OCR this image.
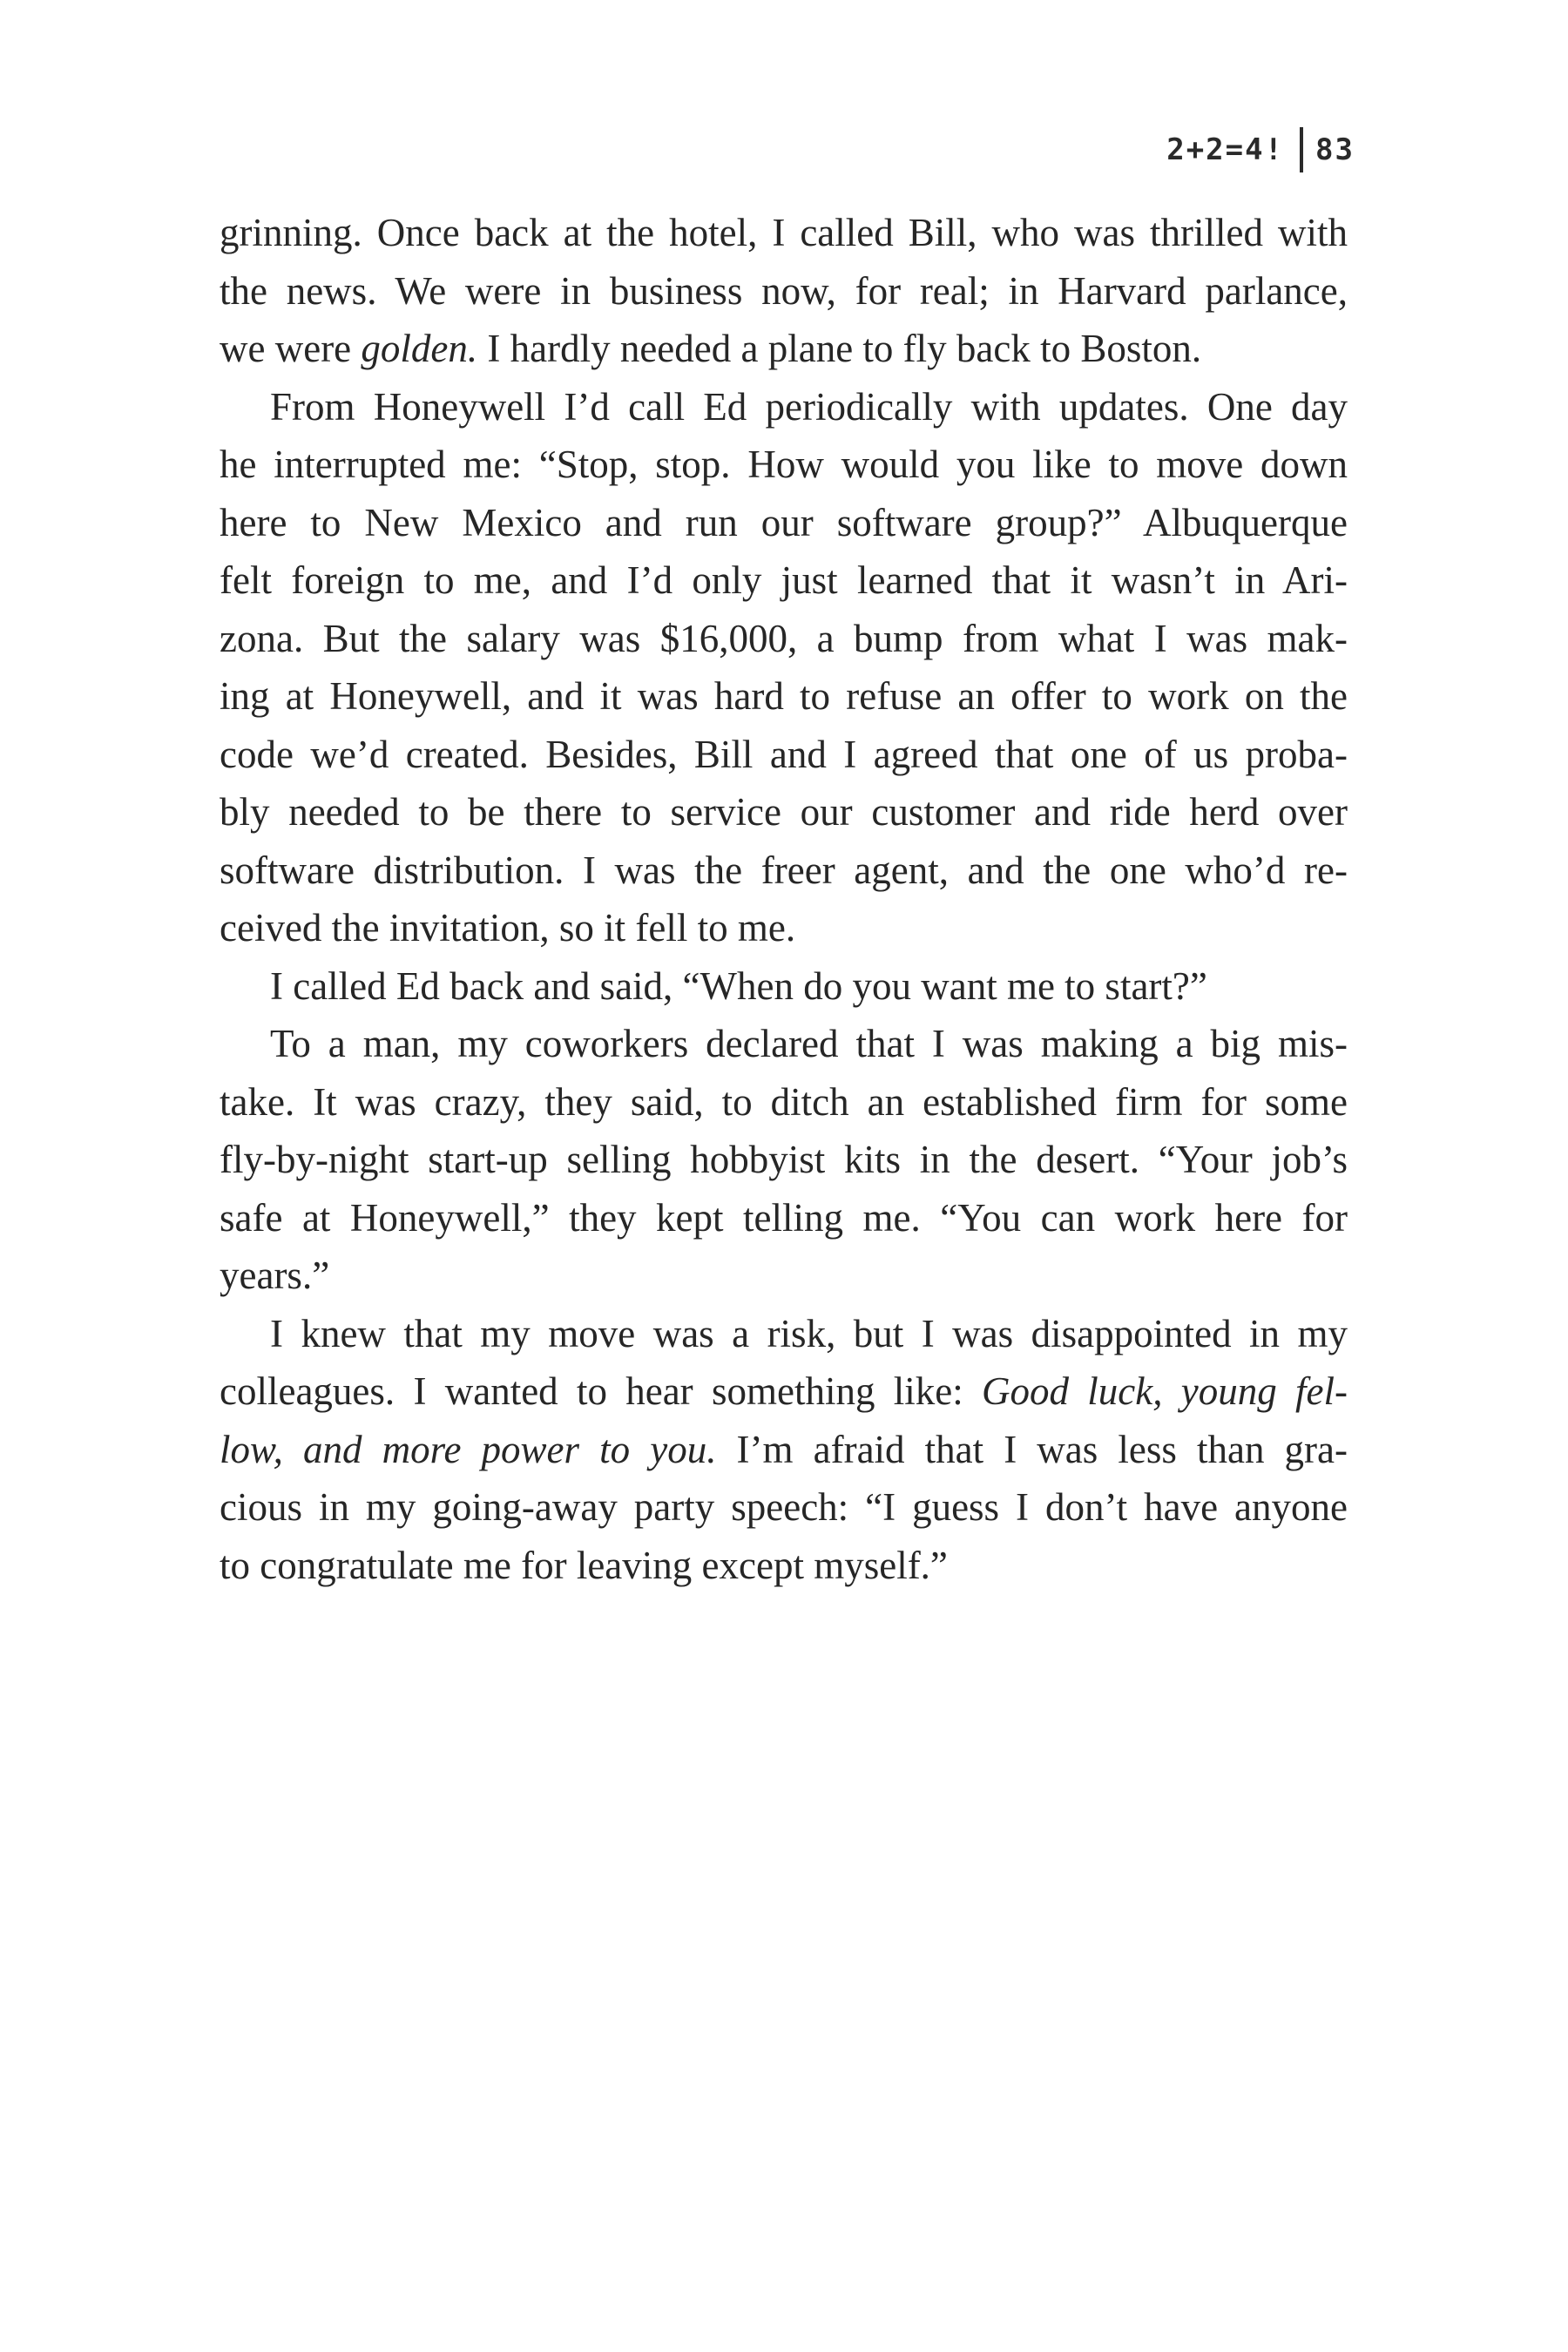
2+2=4! 83
grinning. Once back at the hotel, I called Bill, who was thrilled with
the news. We were in business now, for real; in Harvard parlance,
we were golden. I hardly needed a plane to fly back to Boston.
From Honeywell I’d call Ed periodically with updates. One day
he interrupted me: “Stop, stop. How would you like to move down
here to New Mexico and run our software group?” Albuquerque
felt foreign to me, and I’d only just learned that it wasn’t in Ari-
zona. But the salary was $16,000, a bump from what I was mak-
ing at Honeywell, and it was hard to refuse an offer to work on the
code we’d created. Besides, Bill and I agreed that one of us proba-
bly needed to be there to service our customer and ride herd over
software distribution. I was the freer agent, and the one who’d re-
ceived the invitation, so it fell to me.
I called Ed back and said, “When do you want me to start?”
To a man, my coworkers declared that I was making a big mis-
take. It was crazy, they said, to ditch an established firm for some
fly-by-night start-up selling hobbyist kits in the desert. “Your job’s
safe at Honeywell,” they kept telling me. “You can work here for
years.”
I knew that my move was a risk, but I was disappointed in my
colleagues. I wanted to hear something like: Good luck, young fel-
low, and more power to you. I’m afraid that I was less than gra-
cious in my going-away party speech: “I guess I don’t have anyone
to congratulate me for leaving except myself.”
